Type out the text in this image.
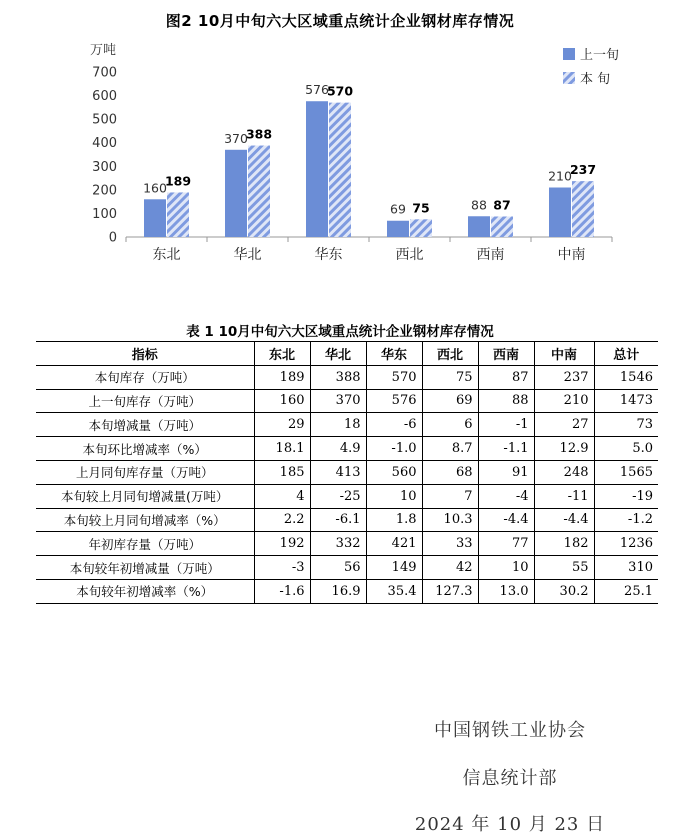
图2 10月中旬六大区域重点统计企业钢材库存情况
万吨
0
100
200
300
400
500
600
700
东北
160
189
华北
370
388
华东
576
570
西北
69 75
西南
88 87
中南
210
237
上一旬
本 旬
表 1 10月中旬六大区域重点统计企业钢材库存情况
指标	东北	华北	华东	西北	西南	中南	总计
本旬库存（万吨）	189	388	570	75	87	237	1546
上一旬库存（万吨）	160	370	576	69	88	210	1473
本旬增减量（万吨）	29	18	-6	6	-1	27	73
本旬环比增减率（%）	18.1	4.9	-1.0	8.7	-1.1	12.9	5.0
上月同旬库存量（万吨）	185	413	560	68	91	248	1565
本旬较上月同旬增减量(万吨）	4	-25	10	7	-4	-11	-19
本旬较上月同旬增减率（%）	2.2	-6.1	1.8	10.3	-4.4	-4.4	-1.2
年初库存量（万吨）	192	332	421	33	77	182	1236
本旬较年初增减量（万吨）	-3	56	149	42	10	55	310
本旬较年初增减率（%）	-1.6	16.9	35.4	127.3	13.0	30.2	25.1
中国钢铁工业协会
信息统计部
2024 年 10 月 23 日
